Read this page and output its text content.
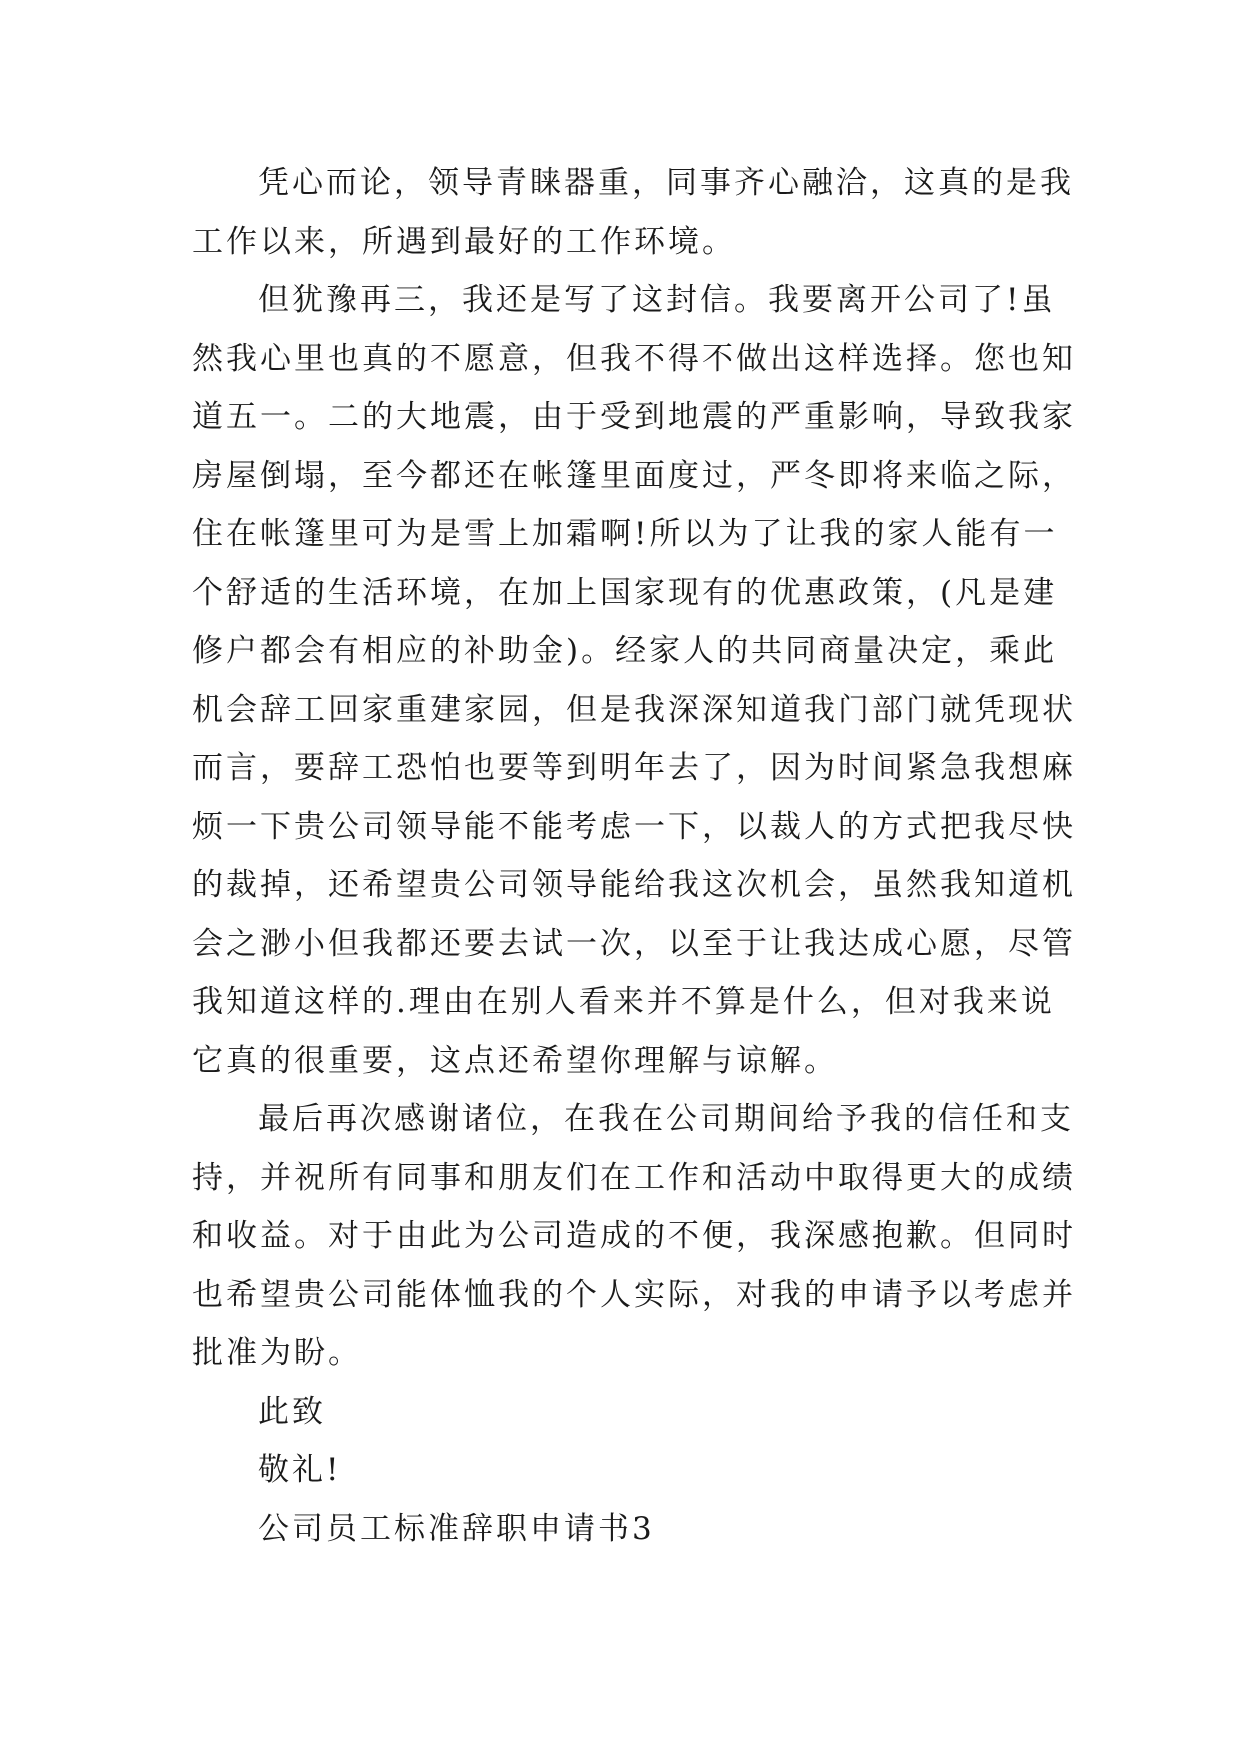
凭心而论，领导青睐器重，同事齐心融洽，这真的是我
工作以来，所遇到最好的工作环境。
但犹豫再三，我还是写了这封信。我要离开公司了!虽
然我心里也真的不愿意，但我不得不做出这样选择。您也知
道五一。二的大地震，由于受到地震的严重影响，导致我家
房屋倒塌，至今都还在帐篷里面度过，严冬即将来临之际，
住在帐篷里可为是雪上加霜啊!所以为了让我的家人能有一
个舒适的生活环境，在加上国家现有的优惠政策，(凡是建
修户都会有相应的补助金)。经家人的共同商量决定，乘此
机会辞工回家重建家园，但是我深深知道我门部门就凭现状
而言，要辞工恐怕也要等到明年去了，因为时间紧急我想麻
烦一下贵公司领导能不能考虑一下，以裁人的方式把我尽快
的裁掉，还希望贵公司领导能给我这次机会，虽然我知道机
会之渺小但我都还要去试一次，以至于让我达成心愿，尽管
我知道这样的.理由在别人看来并不算是什么，但对我来说
它真的很重要，这点还希望你理解与谅解。
最后再次感谢诸位，在我在公司期间给予我的信任和支
持，并祝所有同事和朋友们在工作和活动中取得更大的成绩
和收益。对于由此为公司造成的不便，我深感抱歉。但同时
也希望贵公司能体恤我的个人实际，对我的申请予以考虑并
批准为盼。
此致
敬礼!
公司员工标准辞职申请书3
